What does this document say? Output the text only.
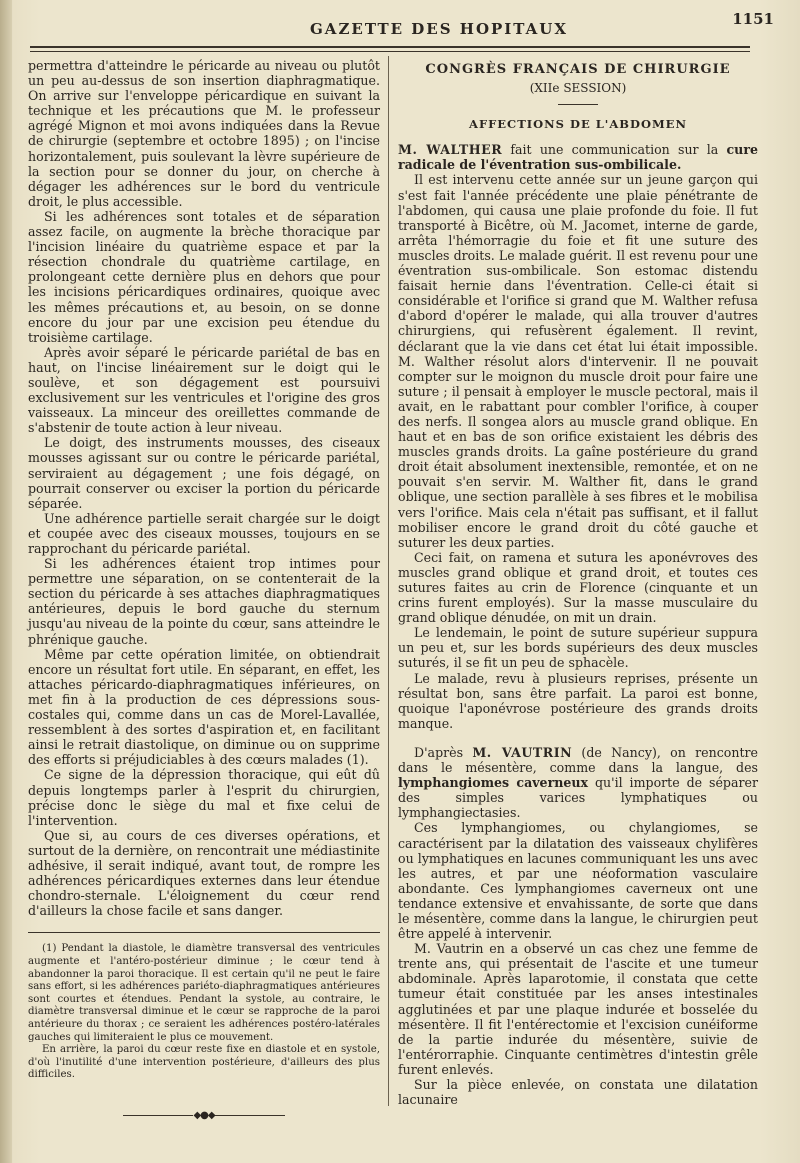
GAZETTE DES HOPITAUX
1151

permettra d'atteindre le péricarde au niveau ou plutôt un peu au-dessus de son insertion diaphragmatique. On arrive sur l'enveloppe péricardique en suivant la technique et les précautions que M. le professeur agrégé Mignon et moi avons indiquées dans la Revue de chirurgie (septembre et octobre 1895) ; on l'incise horizontalement, puis soulevant la lèvre supérieure de la section pour se donner du jour, on cherche à dégager les adhérences sur le bord du ventricule droit, le plus accessible.

Si les adhérences sont totales et de séparation assez facile, on augmente la brèche thoracique par l'incision linéaire du quatrième espace et par la résection chondrale du quatrième cartilage, en prolongeant cette dernière plus en dehors que pour les incisions péricardiques ordinaires, quoique avec les mêmes précautions et, au besoin, on se donne encore du jour par une excision peu étendue du troisième cartilage.

Après avoir séparé le péricarde pariétal de bas en haut, on l'incise linéairement sur le doigt qui le soulève, et son dégagement est poursuivi exclusivement sur les ventricules et l'origine des gros vaisseaux. La minceur des oreillettes commande de s'abstenir de toute action à leur niveau.

Le doigt, des instruments mousses, des ciseaux mousses agissant sur ou contre le péricarde pariétal, serviraient au dégagement ; une fois dégagé, on pourrait conserver ou exciser la portion du péricarde séparée.

Une adhérence partielle serait chargée sur le doigt et coupée avec des ciseaux mousses, toujours en se rapprochant du péricarde pariétal.

Si les adhérences étaient trop intimes pour permettre une séparation, on se contenterait de la section du péricarde à ses attaches diaphragmatiques antérieures, depuis le bord gauche du sternum jusqu'au niveau de la pointe du cœur, sans atteindre le phrénique gauche.

Même par cette opération limitée, on obtiendrait encore un résultat fort utile. En séparant, en effet, les attaches péricardo-diaphragmatiques inférieures, on met fin à la production de ces dépressions sous-costales qui, comme dans un cas de Morel-Lavallée, ressemblent à des sortes d'aspiration et, en facilitant ainsi le retrait diastolique, on diminue ou on supprime des efforts si préjudiciables à des cœurs malades (1).

Ce signe de la dépression thoracique, qui eût dû depuis longtemps parler à l'esprit du chirurgien, précise donc le siège du mal et fixe celui de l'intervention.

Que si, au cours de ces diverses opérations, et surtout de la dernière, on rencontrait une médiastinite adhésive, il serait indiqué, avant tout, de rompre les adhérences péricardiques externes dans leur étendue chondro-sternale. L'éloignement du cœur rend d'ailleurs la chose facile et sans danger.

(1) Pendant la diastole, le diamètre transversal des ventricules augmente et l'antéro-postérieur diminue ; le cœur tend à abandonner la paroi thoracique. Il est certain qu'il ne peut le faire sans effort, si les adhérences pariéto-diaphragmatiques antérieures sont courtes et étendues. Pendant la systole, au contraire, le diamètre transversal diminue et le cœur se rapproche de la paroi antérieure du thorax ; ce seraient les adhérences postéro-latérales gauches qui limiteraient le plus ce mouvement.

En arrière, la paroi du cœur reste fixe en diastole et en systole, d'où l'inutilité d'une intervention postérieure, d'ailleurs des plus difficiles.

◆●◆
CONGRÈS FRANÇAIS DE CHIRURGIE
(XIIe SESSION)
AFFECTIONS DE L'ABDOMEN

M. WALTHER fait une communication sur la cure radicale de l'éventration sus-ombilicale.

Il est intervenu cette année sur un jeune garçon qui s'est fait l'année précédente une plaie pénétrante de l'abdomen, qui causa une plaie profonde du foie. Il fut transporté à Bicêtre, où M. Jacomet, interne de garde, arrêta l'hémorragie du foie et fit une suture des muscles droits. Le malade guérit. Il est revenu pour une éventration sus-ombilicale. Son estomac distendu faisait hernie dans l'éventration. Celle-ci était si considérable et l'orifice si grand que M. Walther refusa d'abord d'opérer le malade, qui alla trouver d'autres chirurgiens, qui refusèrent également. Il revint, déclarant que la vie dans cet état lui était impossible. M. Walther résolut alors d'intervenir. Il ne pouvait compter sur le moignon du muscle droit pour faire une suture ; il pensait à employer le muscle pectoral, mais il avait, en le rabattant pour combler l'orifice, à couper des nerfs. Il songea alors au muscle grand oblique. En haut et en bas de son orifice existaient les débris des muscles grands droits. La gaîne postérieure du grand droit était absolument inextensible, remontée, et on ne pouvait s'en servir. M. Walther fit, dans le grand oblique, une section parallèle à ses fibres et le mobilisa vers l'orifice. Mais cela n'était pas suffisant, et il fallut mobiliser encore le grand droit du côté gauche et suturer les deux parties.

Ceci fait, on ramena et sutura les aponévroves des muscles grand oblique et grand droit, et toutes ces sutures faites au crin de Florence (cinquante et un crins furent employés). Sur la masse musculaire du grand oblique dénudée, on mit un drain.

Le lendemain, le point de suture supérieur suppura un peu et, sur les bords supérieurs des deux muscles suturés, il se fit un peu de sphacèle.

Le malade, revu à plusieurs reprises, présente un résultat bon, sans être parfait. La paroi est bonne, quoique l'aponévrose postérieure des grands droits manque.

D'après M. VAUTRIN (de Nancy), on rencontre dans le mésentère, comme dans la langue, des lymphangiomes caverneux qu'il importe de séparer des simples varices lymphatiques ou lymphangiectasies.

Ces lymphangiomes, ou chylangiomes, se caractérisent par la dilatation des vaisseaux chylifères ou lymphatiques en lacunes communiquant les uns avec les autres, et par une néoformation vasculaire abondante. Ces lymphangiomes caverneux ont une tendance extensive et envahissante, de sorte que dans le mésentère, comme dans la langue, le chirurgien peut être appelé à intervenir.

M. Vautrin en a observé un cas chez une femme de trente ans, qui présentait de l'ascite et une tumeur abdominale. Après laparotomie, il constata que cette tumeur était constituée par les anses intestinales agglutinées et par une plaque indurée et bosselée du mésentère. Il fit l'entérectomie et l'excision cunéiforme de la partie indurée du mésentère, suivie de l'entérorraphie. Cinquante centimètres d'intestin grêle furent enlevés.

Sur la pièce enlevée, on constata une dilatation lacunaire
